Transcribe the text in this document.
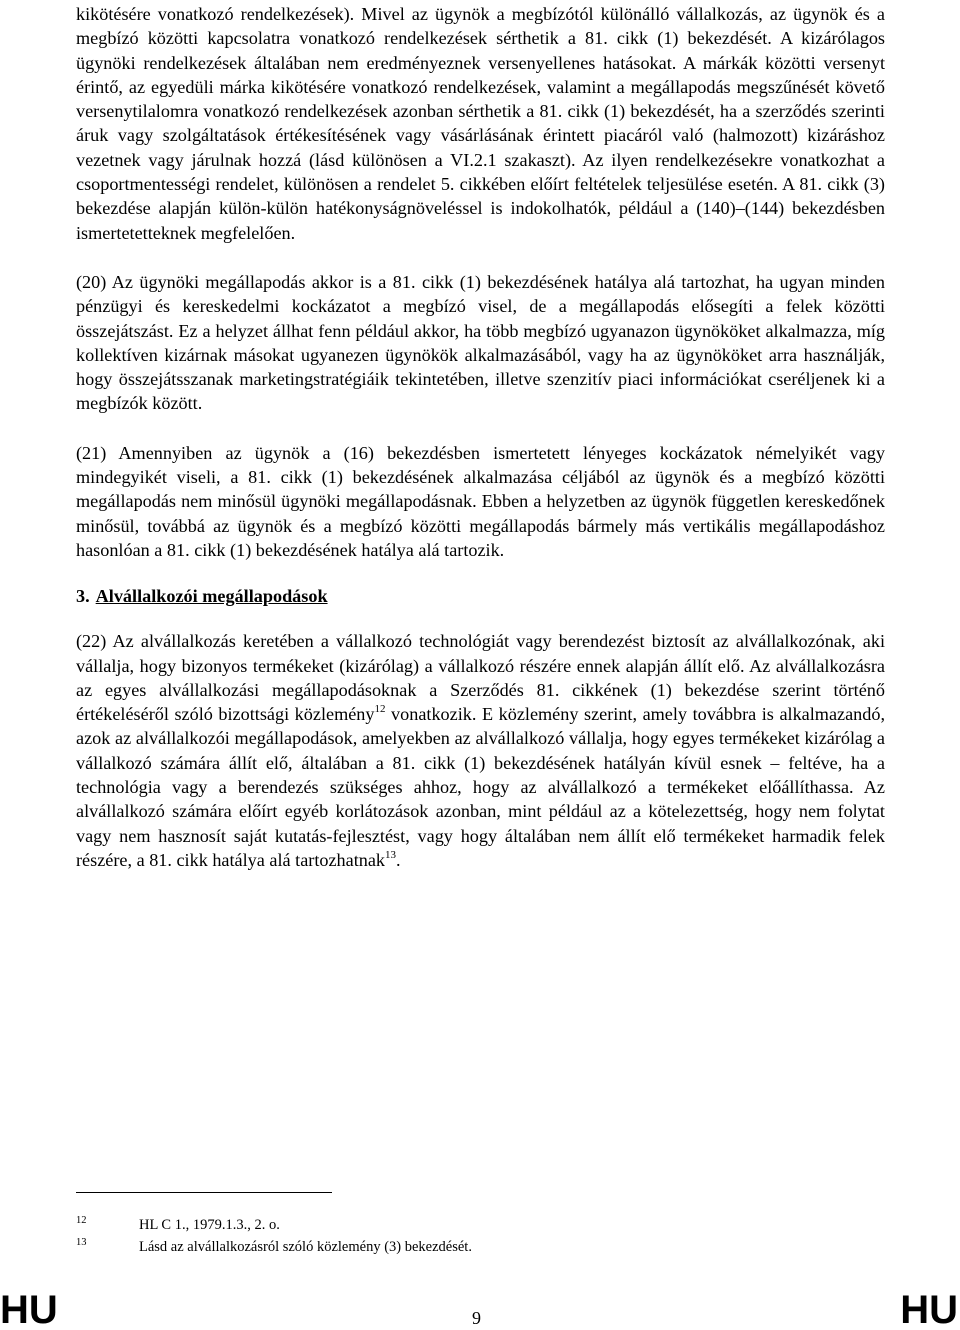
kikötésére vonatkozó rendelkezések). Mivel az ügynök a megbízótól különálló vállalkozás, az ügynök és a megbízó közötti kapcsolatra vonatkozó rendelkezések sérthetik a 81. cikk (1) bekezdését. A kizárólagos ügynöki rendelkezések általában nem eredményeznek versenyellenes hatásokat. A márkák közötti versenyt érintő, az egyedüli márka kikötésére vonatkozó rendelkezések, valamint a megállapodás megszűnését követő versenytilalomra vonatkozó rendelkezések azonban sérthetik a 81. cikk (1) bekezdését, ha a szerződés szerinti áruk vagy szolgáltatások értékesítésének vagy vásárlásának érintett piacáról való (halmozott) kizáráshoz vezetnek vagy járulnak hozzá (lásd különösen a VI.2.1 szakaszt). Az ilyen rendelkezésekre vonatkozhat a csoportmentességi rendelet, különösen a rendelet 5. cikkében előírt feltételek teljesülése esetén. A 81. cikk (3) bekezdése alapján külön-külön hatékonyságnöveléssel is indokolhatók, például a (140)–(144) bekezdésben ismertetetteknek megfelelően.

(20) Az ügynöki megállapodás akkor is a 81. cikk (1) bekezdésének hatálya alá tartozhat, ha ugyan minden pénzügyi és kereskedelmi kockázatot a megbízó visel, de a megállapodás elősegíti a felek közötti összejátszást. Ez a helyzet állhat fenn például akkor, ha több megbízó ugyanazon ügynököket alkalmazza, míg kollektíven kizárnak másokat ugyanezen ügynökök alkalmazásából, vagy ha az ügynököket arra használják, hogy összejátsszanak marketingstratégiáik tekintetében, illetve szenzitív piaci információkat cseréljenek ki a megbízók között.

(21) Amennyiben az ügynök a (16) bekezdésben ismertetett lényeges kockázatok némelyikét vagy mindegyikét viseli, a 81. cikk (1) bekezdésének alkalmazása céljából az ügynök és a megbízó közötti megállapodás nem minősül ügynöki megállapodásnak. Ebben a helyzetben az ügynök független kereskedőnek minősül, továbbá az ügynök és a megbízó közötti megállapodás bármely más vertikális megállapodáshoz hasonlóan a 81. cikk (1) bekezdésének hatálya alá tartozik.

3. Alvállalkozói megállapodások

(22) Az alvállalkozás keretében a vállalkozó technológiát vagy berendezést biztosít az alvállalkozónak, aki vállalja, hogy bizonyos termékeket (kizárólag) a vállalkozó részére ennek alapján állít elő. Az alvállalkozásra az egyes alvállalkozási megállapodásoknak a Szerződés 81. cikkének (1) bekezdése szerint történő értékeléséről szóló bizottsági közlemény$^{12}$ vonatkozik. E közlemény szerint, amely továbbra is alkalmazandó, azok az alvállalkozói megállapodások, amelyekben az alvállalkozó vállalja, hogy egyes termékeket kizárólag a vállalkozó számára állít elő, általában a 81. cikk (1) bekezdésének hatályán kívül esnek – feltéve, ha a technológia vagy a berendezés szükséges ahhoz, hogy az alvállalkozó a termékeket előállíthassa. Az alvállalkozó számára előírt egyéb korlátozások azonban, mint például az a kötelezettség, hogy nem folytat vagy nem hasznosít saját kutatás-fejlesztést, vagy hogy általában nem állít elő termékeket harmadik felek részére, a 81. cikk hatálya alá tartozhatnak$^{13}$.

12	HL C 1., 1979.1.3., 2. o.
13	Lásd az alvállalkozásról szóló közlemény (3) bekezdését.
HU	9	HU
